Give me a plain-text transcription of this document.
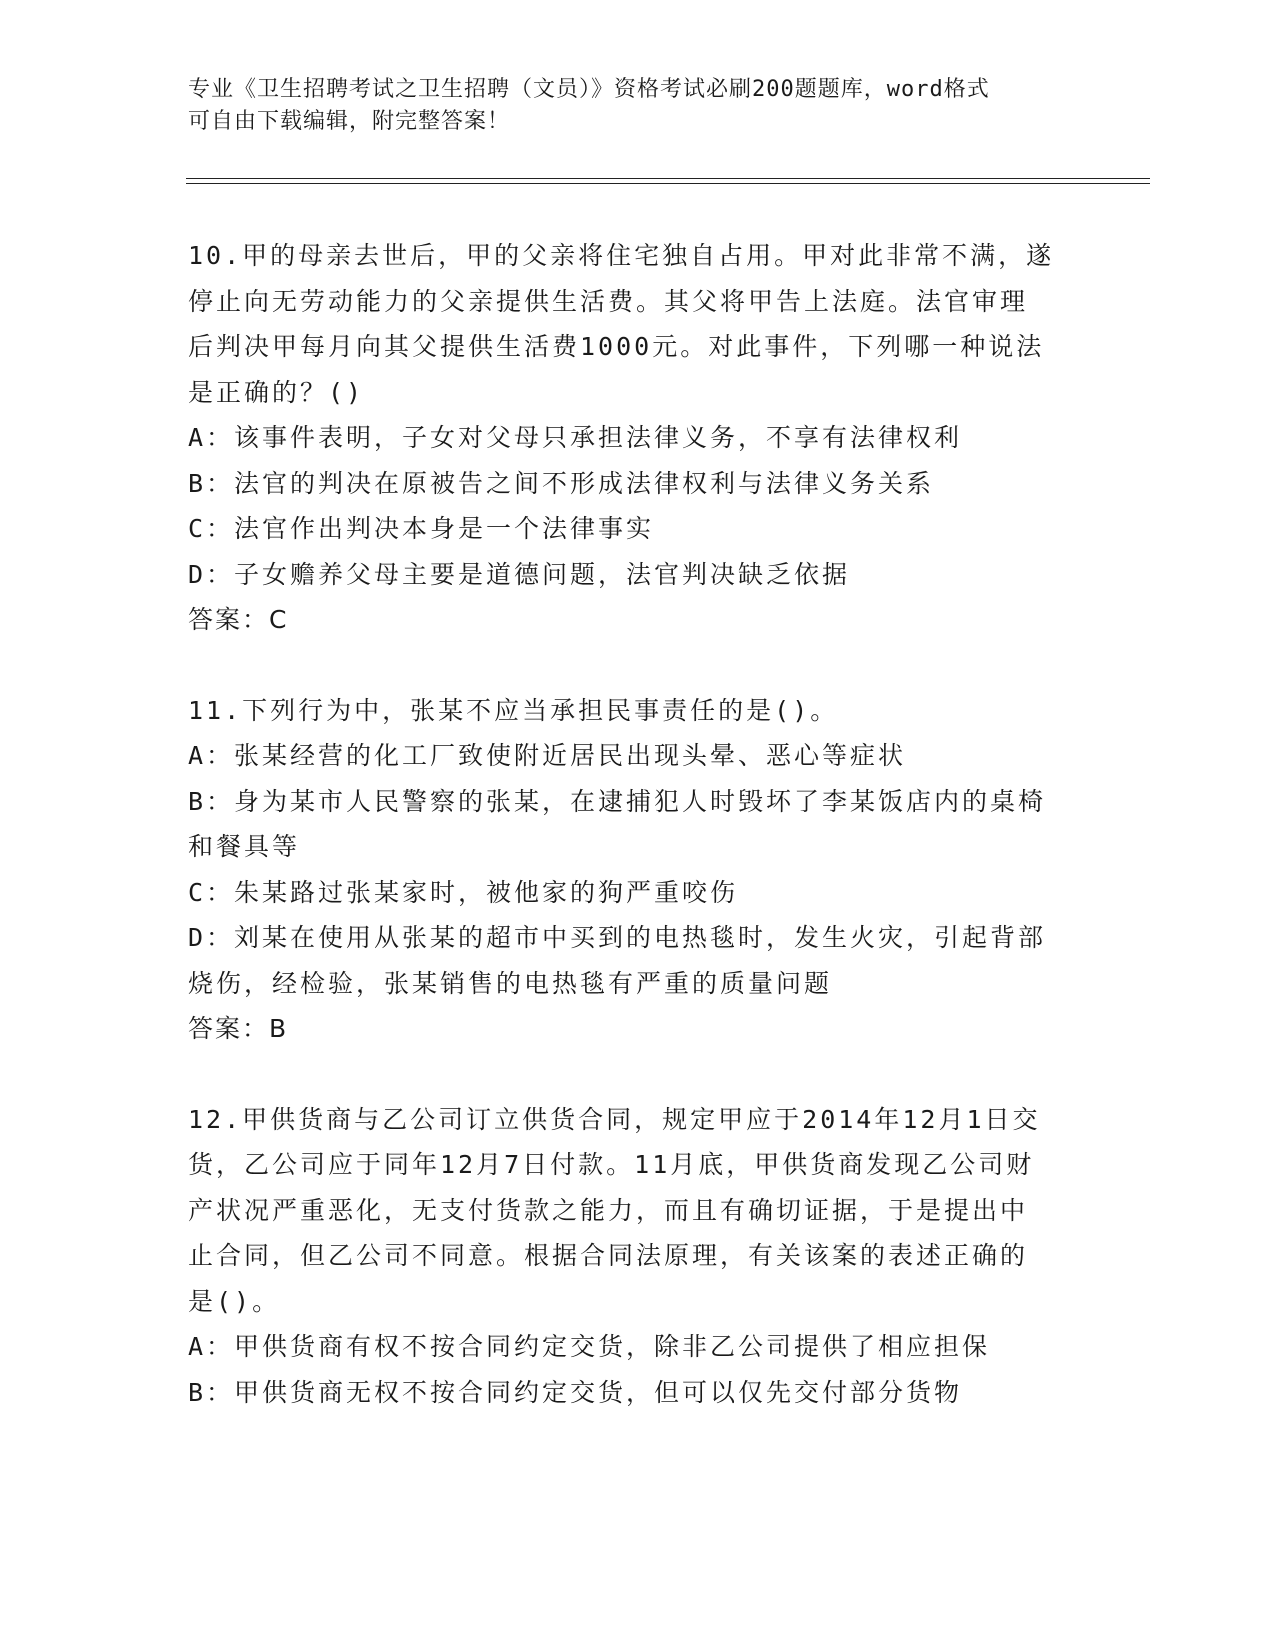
专业《卫生招聘考试之卫生招聘（文员）》资格考试必刷200题题库，word格式
可自由下载编辑，附完整答案！
10.甲的母亲去世后，甲的父亲将住宅独自占用。甲对此非常不满，遂
停止向无劳动能力的父亲提供生活费。其父将甲告上法庭。法官审理
后判决甲每月向其父提供生活费1000元。对此事件，下列哪一种说法
是正确的？()
A：该事件表明，子女对父母只承担法律义务，不享有法律权利
B：法官的判决在原被告之间不形成法律权利与法律义务关系
C：法官作出判决本身是一个法律事实
D：子女赡养父母主要是道德问题，法官判决缺乏依据
答案：C
11.下列行为中，张某不应当承担民事责任的是()。
A：张某经营的化工厂致使附近居民出现头晕、恶心等症状
B：身为某市人民警察的张某，在逮捕犯人时毁坏了李某饭店内的桌椅
和餐具等
C：朱某路过张某家时，被他家的狗严重咬伤
D：刘某在使用从张某的超市中买到的电热毯时，发生火灾，引起背部
烧伤，经检验，张某销售的电热毯有严重的质量问题
答案：B
12.甲供货商与乙公司订立供货合同，规定甲应于2014年12月1日交
货，乙公司应于同年12月7日付款。11月底，甲供货商发现乙公司财
产状况严重恶化，无支付货款之能力，而且有确切证据，于是提出中
止合同，但乙公司不同意。根据合同法原理，有关该案的表述正确的
是()。
A：甲供货商有权不按合同约定交货，除非乙公司提供了相应担保
B：甲供货商无权不按合同约定交货，但可以仅先交付部分货物
